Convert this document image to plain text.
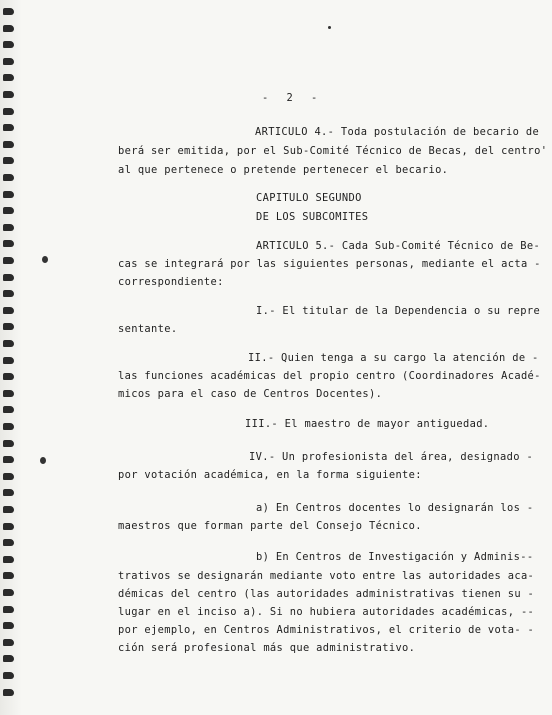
- 2 -
ARTICULO 4.- Toda postulación de becario de
berá ser emitida, por el Sub-Comité Técnico de Becas, del centro'
al que pertenece o pretende pertenecer el becario.
CAPITULO SEGUNDO
DE LOS SUBCOMITES
ARTICULO 5.- Cada Sub-Comité Técnico de Be-
cas se integrará por las siguientes personas, mediante el acta -
correspondiente:
I.- El titular de la Dependencia o su repre
sentante.
II.- Quien tenga a su cargo la atención de -
las funciones académicas del propio centro (Coordinadores Acadé-
micos para el caso de Centros Docentes).
III.- El maestro de mayor antiguedad.
IV.- Un profesionista del área, designado -
por votación académica, en la forma siguiente:
a) En Centros docentes lo designarán los -
maestros que forman parte del Consejo Técnico.
b) En Centros de Investigación y Adminis--
trativos se designarán mediante voto entre las autoridades aca-
démicas del centro (las autoridades administrativas tienen su -
lugar en el inciso a). Si no hubiera autoridades académicas, --
por ejemplo, en Centros Administrativos, el criterio de vota- -
ción será profesional más que administrativo.
